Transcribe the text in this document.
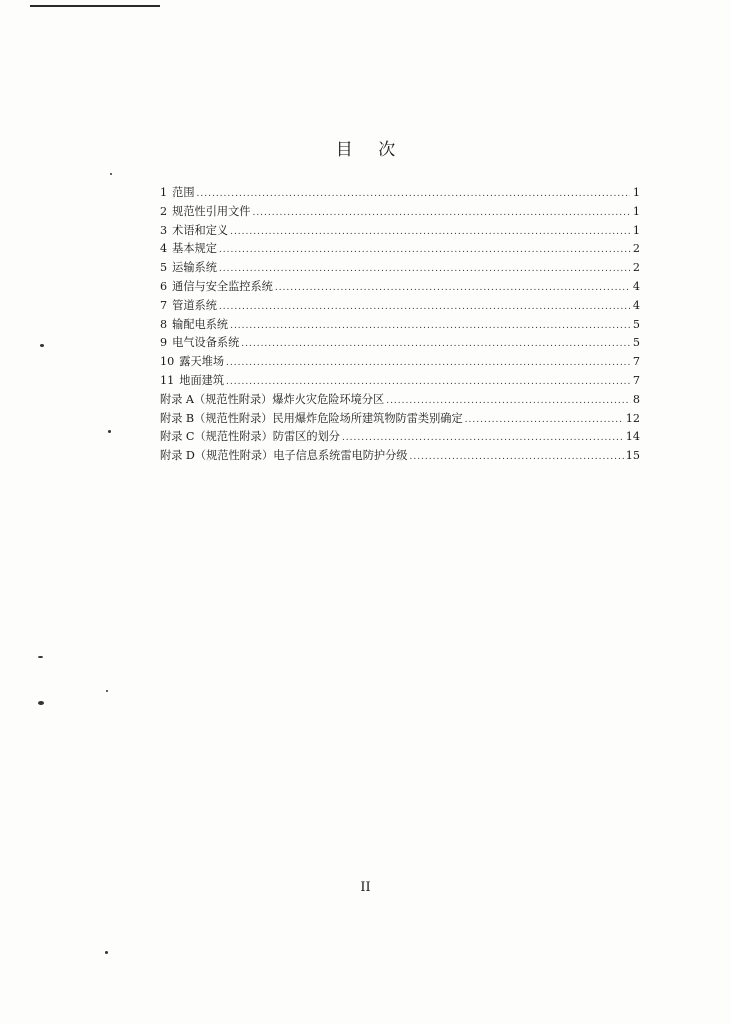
目 次
1 范围 .....	1
2 规范性引用文件 .....	1
3 术语和定义 .....	1
4 基本规定 .....	2
5 运输系统 .....	2
6 通信与安全监控系统 .....	4
7 管道系统 .....	4
8 输配电系统 .....	5
9 电气设备系统 .....	5
10 露天堆场 .....	7
11 地面建筑 .....	7
附录 A（规范性附录）爆炸火灾危险环境分区 .....	8
附录 B（规范性附录）民用爆炸危险场所建筑物防雷类别确定 .....	12
附录 C（规范性附录）防雷区的划分 .....	14
附录 D（规范性附录）电子信息系统雷电防护分级 .....	15
II
